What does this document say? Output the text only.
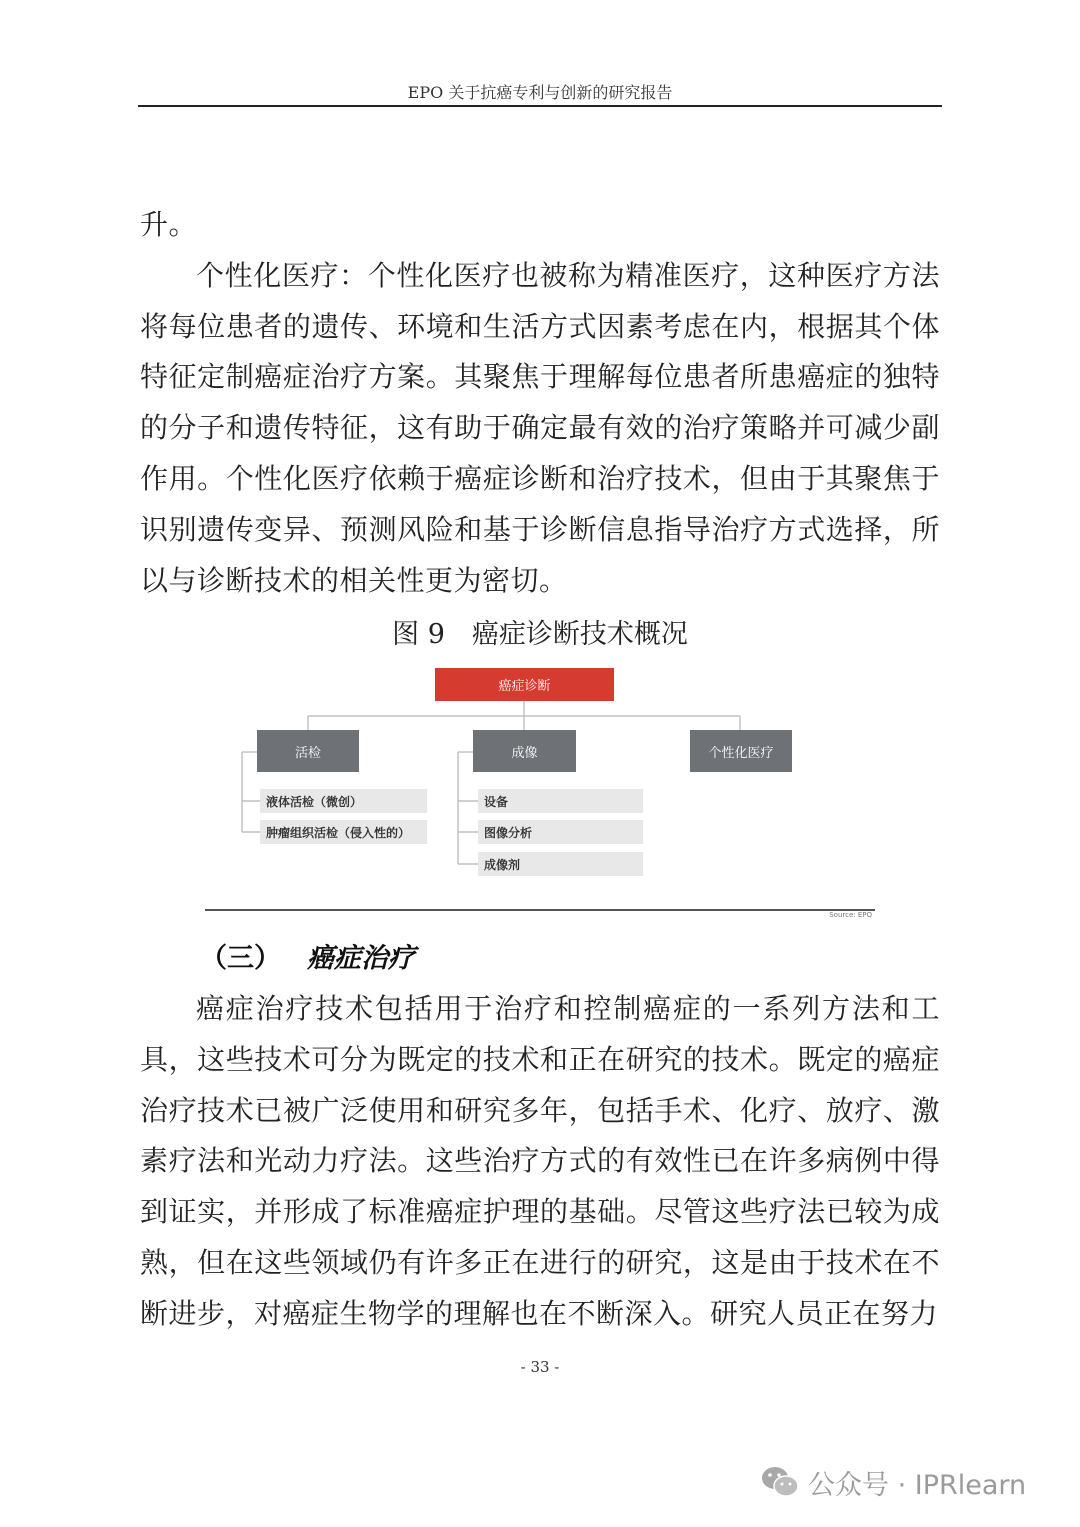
EPO 关于抗癌专利与创新的研究报告

升。

个性化医疗：个性化医疗也被称为精准医疗，这种医疗方法将每位患者的遗传、环境和生活方式因素考虑在内，根据其个体特征定制癌症治疗方案。其聚焦于理解每位患者所患癌症的独特的分子和遗传特征，这有助于确定最有效的治疗策略并可减少副作用。个性化医疗依赖于癌症诊断和治疗技术，但由于其聚焦于识别遗传变异、预测风险和基于诊断信息指导治疗方式选择，所以与诊断技术的相关性更为密切。

图 9　癌症诊断技术概况
癌症诊断
活检	成像	个性化医疗
液体活检（微创）
肿瘤组织活检（侵入性的）
设备
图像分析
成像剂
Source: EPO
（三） 癌症治疗

癌症治疗技术包括用于治疗和控制癌症的一系列方法和工具，这些技术可分为既定的技术和正在研究的技术。既定的癌症治疗技术已被广泛使用和研究多年，包括手术、化疗、放疗、激素疗法和光动力疗法。这些治疗方式的有效性已在许多病例中得到证实，并形成了标准癌症护理的基础。尽管这些疗法已较为成熟，但在这些领域仍有许多正在进行的研究，这是由于技术在不断进步，对癌症生物学的理解也在不断深入。研究人员正在努力

- 33 -
公众号 · IPRlearn
